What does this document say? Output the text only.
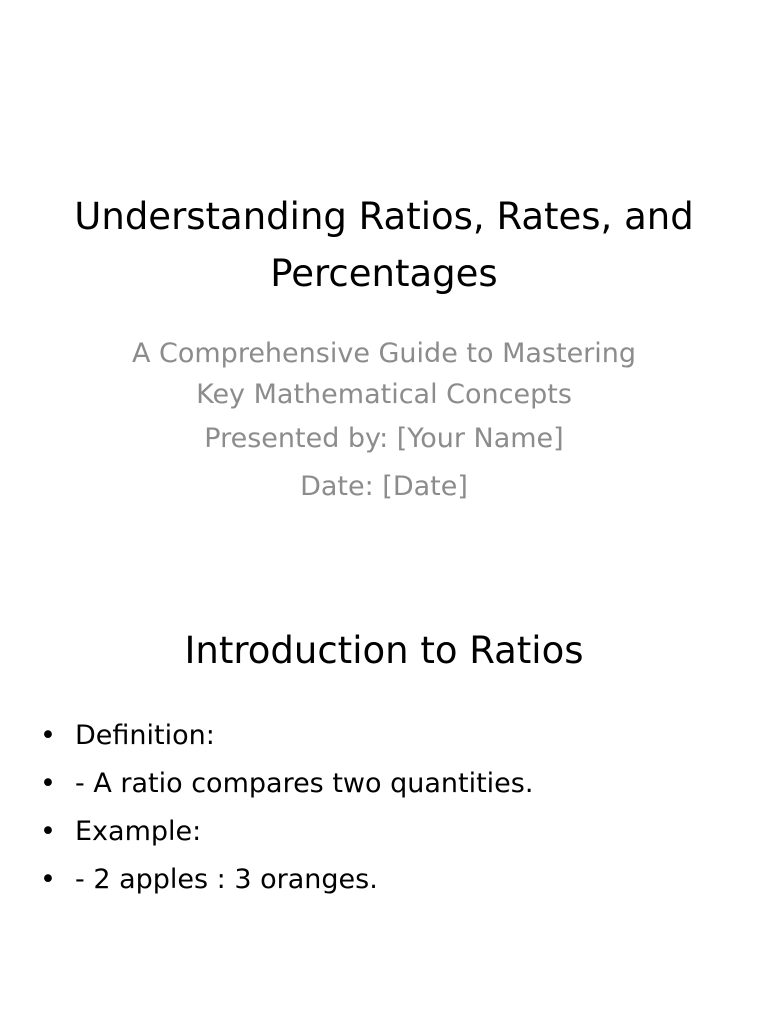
Understanding Ratios, Rates, and Percentages

A Comprehensive Guide to Mastering

Key Mathematical Concepts

Presented by: [Your Name]

Date: [Date]

Introduction to Ratios
• Definition:
• - A ratio compares two quantities.
• Example:
• - 2 apples : 3 oranges.
